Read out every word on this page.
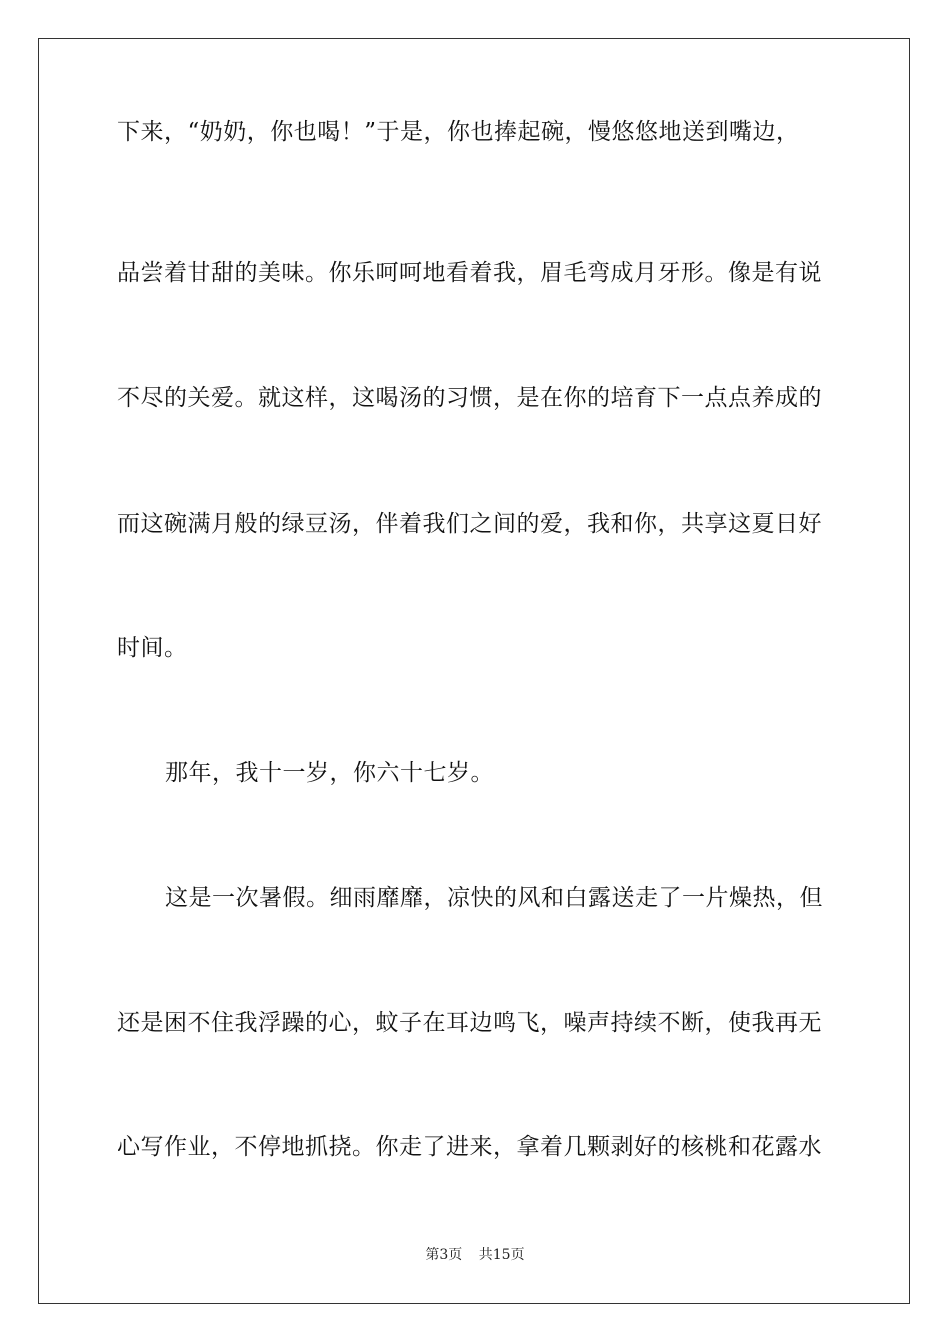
下来，“奶奶，你也喝！”于是，你也捧起碗，慢悠悠地送到嘴边，
品尝着甘甜的美味。你乐呵呵地看着我，眉毛弯成月牙形。像是有说
不尽的关爱。就这样，这喝汤的习惯，是在你的培育下一点点养成的
而这碗满月般的绿豆汤，伴着我们之间的爱，我和你，共享这夏日好
时间。
那年，我十一岁，你六十七岁。
这是一次暑假。细雨靡靡，凉快的风和白露送走了一片燥热，但
还是困不住我浮躁的心，蚊子在耳边鸣飞，噪声持续不断，使我再无
心写作业，不停地抓挠。你走了进来，拿着几颗剥好的核桃和花露水
第3页 共15页
